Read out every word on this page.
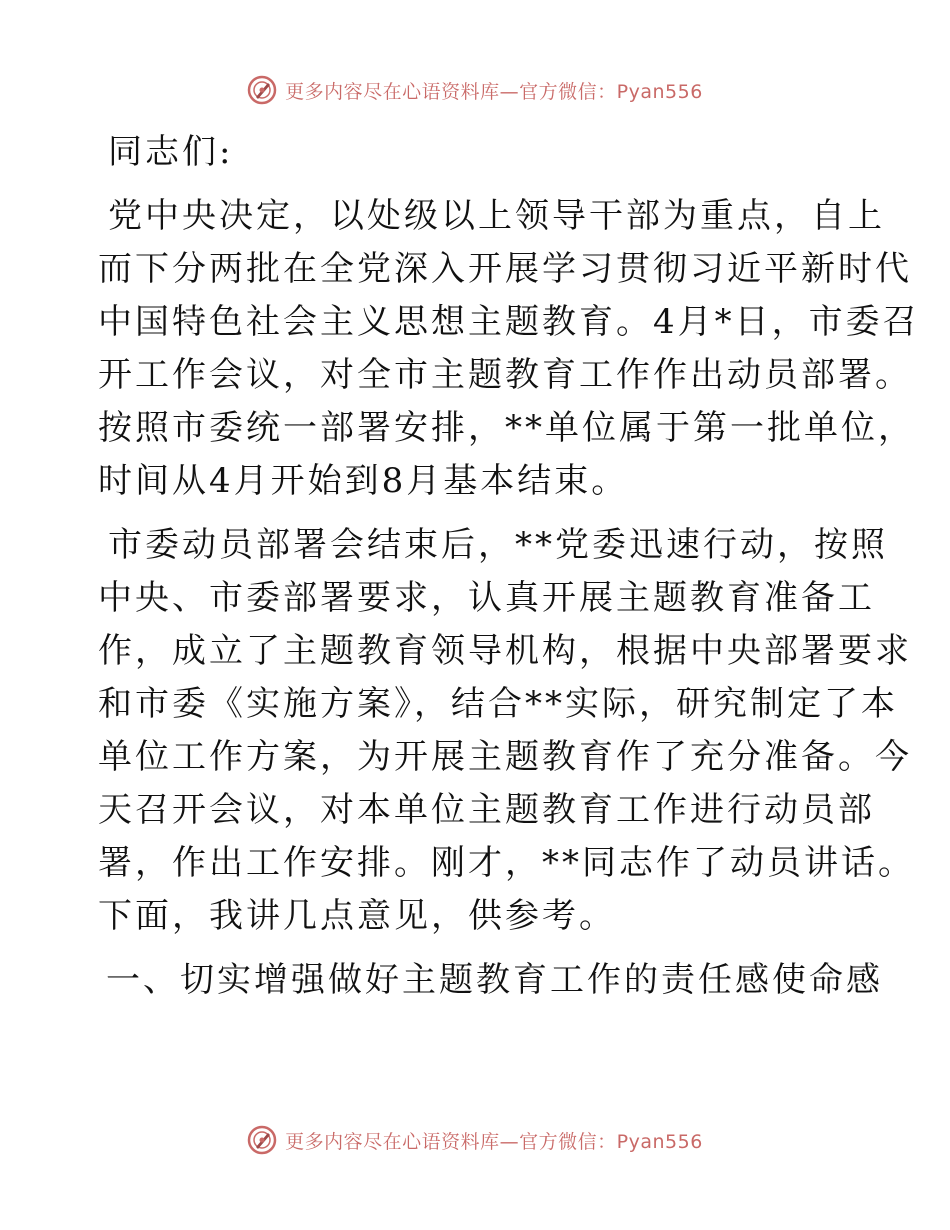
更多内容尽在心语资料库—官方微信：Pyan556
同志们:
党中央决定，以处级以上领导干部为重点，自上
而下分两批在全党深入开展学习贯彻习近平新时代
中国特色社会主义思想主题教育。4月*日，市委召
开工作会议，对全市主题教育工作作出动员部署。
按照市委统一部署安排，**单位属于第一批单位，
时间从4月开始到8月基本结束。
市委动员部署会结束后，**党委迅速行动，按照
中央、市委部署要求，认真开展主题教育准备工
作，成立了主题教育领导机构，根据中央部署要求
和市委《实施方案》，结合**实际，研究制定了本
单位工作方案，为开展主题教育作了充分准备。今
天召开会议，对本单位主题教育工作进行动员部
署，作出工作安排。刚才，**同志作了动员讲话。
下面，我讲几点意见，供参考。
一、切实增强做好主题教育工作的责任感使命感
更多内容尽在心语资料库—官方微信：Pyan556
